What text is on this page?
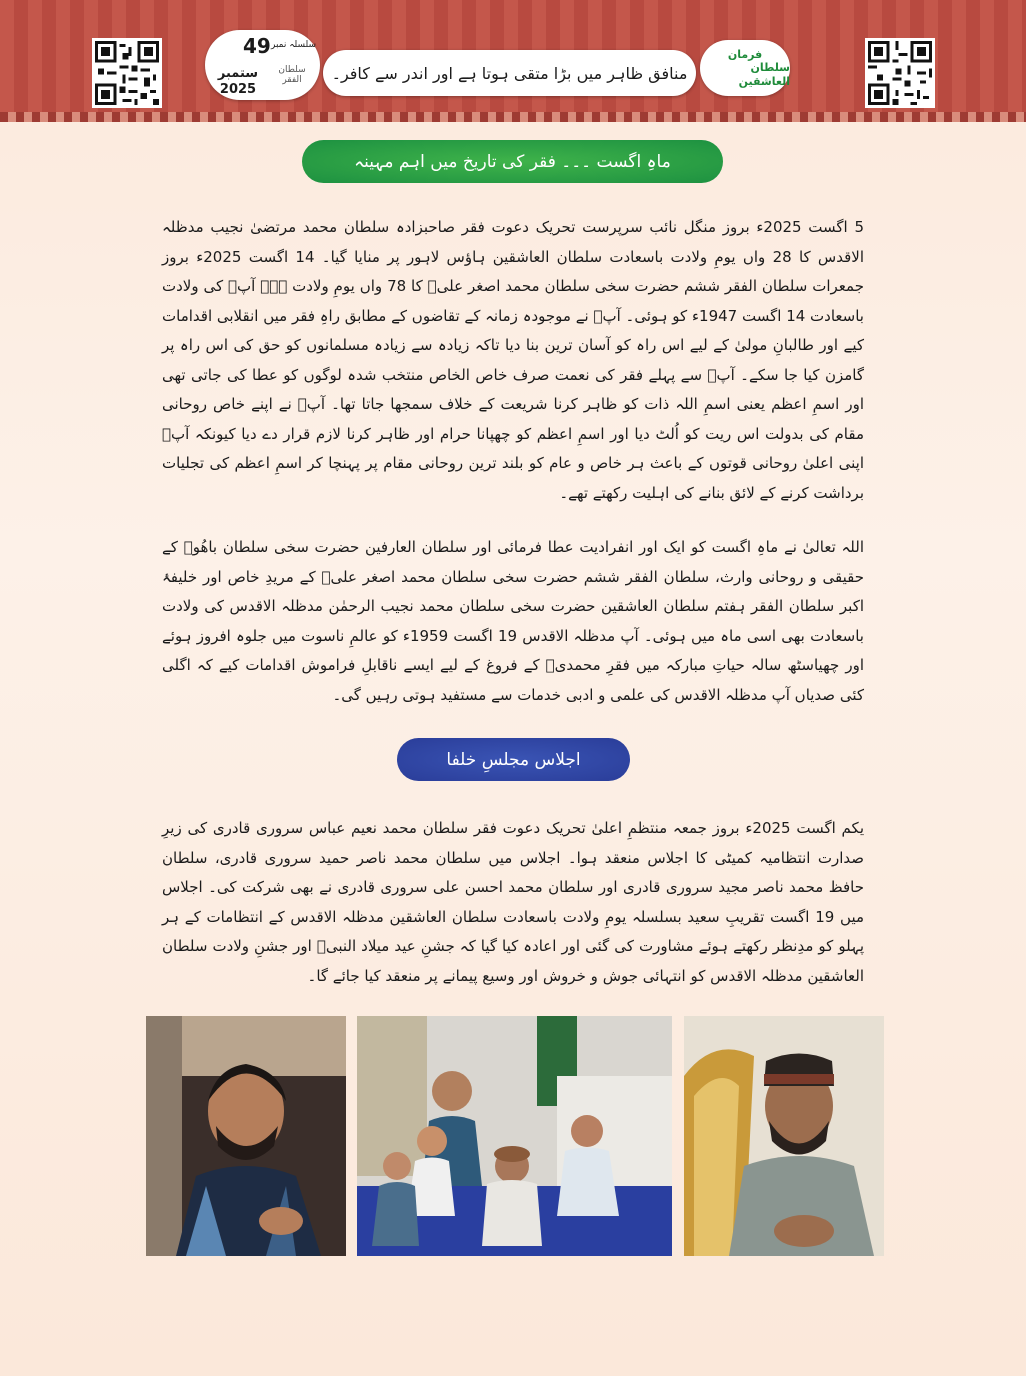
49 سلسلہ نمبر
ستمبر
2025
سلطان الفقر	منافق ظاہر میں بڑا متقی ہوتا ہے اور اندر سے کافر۔
فرمان
سلطان العاشقین
ماہِ اگست ۔۔۔ فقر کی تاریخ میں اہم مہینہ

5 اگست 2025ء بروز منگل نائب سرپرست تحریک دعوت فقر صاحبزادہ سلطان محمد مرتضیٰ نجیب مدظلہ الاقدس کا 28 واں یومِ ولادت باسعادت سلطان العاشقین ہاؤس لاہور پر منایا گیا۔ 14 اگست 2025ء بروز جمعرات سلطان الفقر ششم حضرت سخی سلطان محمد اصغر علیؒ کا 78 واں یومِ ولادت ہے۔ آپؒ کی ولادت باسعادت 14 اگست 1947ء کو ہوئی۔ آپؒ نے موجودہ زمانہ کے تقاضوں کے مطابق راہِ فقر میں انقلابی اقدامات کیے اور طالبانِ مولیٰ کے لیے اس راہ کو آسان ترین بنا دیا تاکہ زیادہ سے زیادہ مسلمانوں کو حق کی اس راہ پر گامزن کیا جا سکے۔ آپؒ سے پہلے فقر کی نعمت صرف خاص الخاص منتخب شدہ لوگوں کو عطا کی جاتی تھی اور اسمِ اعظم یعنی اسمِ اللہ ذات کو ظاہر کرنا شریعت کے خلاف سمجھا جاتا تھا۔ آپؒ نے اپنے خاص روحانی مقام کی بدولت اس ریت کو اُلٹ دیا اور اسمِ اعظم کو چھپانا حرام اور ظاہر کرنا لازم قرار دے دیا کیونکہ آپؒ اپنی اعلیٰ روحانی قوتوں کے باعث ہر خاص و عام کو بلند ترین روحانی مقام پر پہنچا کر اسمِ اعظم کی تجلیات برداشت کرنے کے لائق بنانے کی اہلیت رکھتے تھے۔

اللہ تعالیٰ نے ماہِ اگست کو ایک اور انفرادیت عطا فرمائی اور سلطان العارفین حضرت سخی سلطان باھُوؒ کے حقیقی و روحانی وارث، سلطان الفقر ششم حضرت سخی سلطان محمد اصغر علیؒ کے مریدِ خاص اور خلیفۂ اکبر سلطان الفقر ہفتم سلطان العاشقین حضرت سخی سلطان محمد نجیب الرحمٰن مدظلہ الاقدس کی ولادت باسعادت بھی اسی ماہ میں ہوئی۔ آپ مدظلہ الاقدس 19 اگست 1959ء کو عالمِ ناسوت میں جلوہ افروز ہوئے اور چھیاسٹھ سالہ حیاتِ مبارکہ میں فقرِ محمدیؐ کے فروغ کے لیے ایسے ناقابلِ فراموش اقدامات کیے کہ اگلی کئی صدیاں آپ مدظلہ الاقدس کی علمی و ادبی خدمات سے مستفید ہوتی رہیں گی۔

اجلاس مجلسِ خلفا

یکم اگست 2025ء بروز جمعہ منتظمِ اعلیٰ تحریک دعوت فقر سلطان محمد نعیم عباس سروری قادری کی زیرِ صدارت انتظامیہ کمیٹی کا اجلاس منعقد ہوا۔ اجلاس میں سلطان محمد ناصر حمید سروری قادری، سلطان حافظ محمد ناصر مجید سروری قادری اور سلطان محمد احسن علی سروری قادری نے بھی شرکت کی۔ اجلاس میں 19 اگست تقریبِ سعید بسلسلہ یومِ ولادت باسعادت سلطان العاشقین مدظلہ الاقدس کے انتظامات کے ہر پہلو کو مدِنظر رکھتے ہوئے مشاورت کی گئی اور اعادہ کیا گیا کہ جشنِ عید میلاد النبیؐ اور جشنِ ولادت سلطان العاشقین مدظلہ الاقدس کو انتہائی جوش و خروش اور وسیع پیمانے پر منعقد کیا جائے گا۔
